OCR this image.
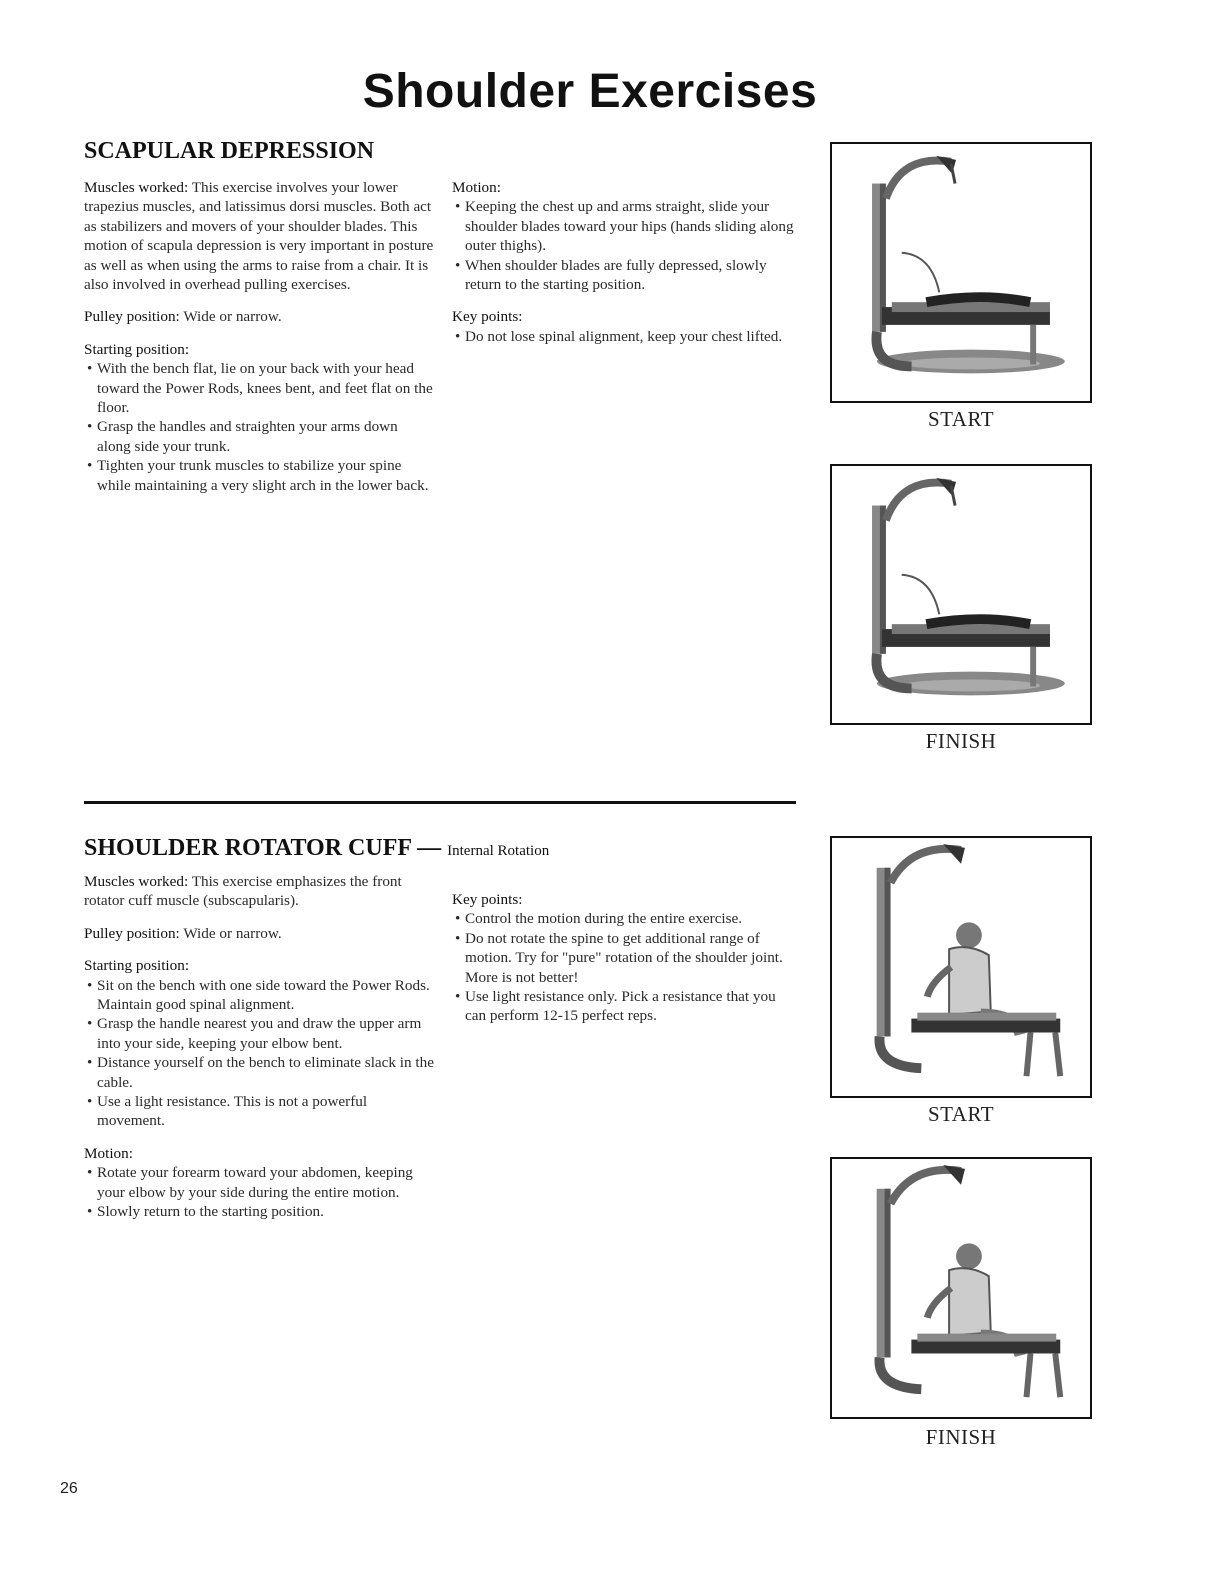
Shoulder Exercises
SCAPULAR DEPRESSION

Muscles worked: This exercise involves your lower trapezius muscles, and latissimus dorsi muscles. Both act as stabilizers and movers of your shoulder blades. This motion of scapula depression is very important in posture as well as when using the arms to raise from a chair. It is also involved in overhead pulling exercises.

Pulley position: Wide or narrow.

Starting position:
• With the bench flat, lie on your back with your head toward the Power Rods, knees bent, and feet flat on the floor.
• Grasp the handles and straighten your arms down along side your trunk.
• Tighten your trunk muscles to stabilize your spine while maintaining a very slight arch in the lower back.
Motion:
• Keeping the chest up and arms straight, slide your shoulder blades toward your hips (hands sliding along outer thighs).
• When shoulder blades are fully depressed, slowly return to the starting position.
Key points:
• Do not lose spinal alignment, keep your chest lifted.
START
FINISH
SHOULDER ROTATOR CUFF — Internal Rotation

Muscles worked: This exercise emphasizes the front rotator cuff muscle (subscapularis).

Pulley position: Wide or narrow.

Starting position:
• Sit on the bench with one side toward the Power Rods. Maintain good spinal alignment.
• Grasp the handle nearest you and draw the upper arm into your side, keeping your elbow bent.
• Distance yourself on the bench to eliminate slack in the cable.
• Use a light resistance. This is not a powerful movement.
Motion:
• Rotate your forearm toward your abdomen, keeping your elbow by your side during the entire motion.
• Slowly return to the starting position.
Key points:
• Control the motion during the entire exercise.
• Do not rotate the spine to get additional range of motion. Try for "pure" rotation of the shoulder joint. More is not better!
• Use light resistance only. Pick a resistance that you can perform 12-15 perfect reps.
START
FINISH
26
